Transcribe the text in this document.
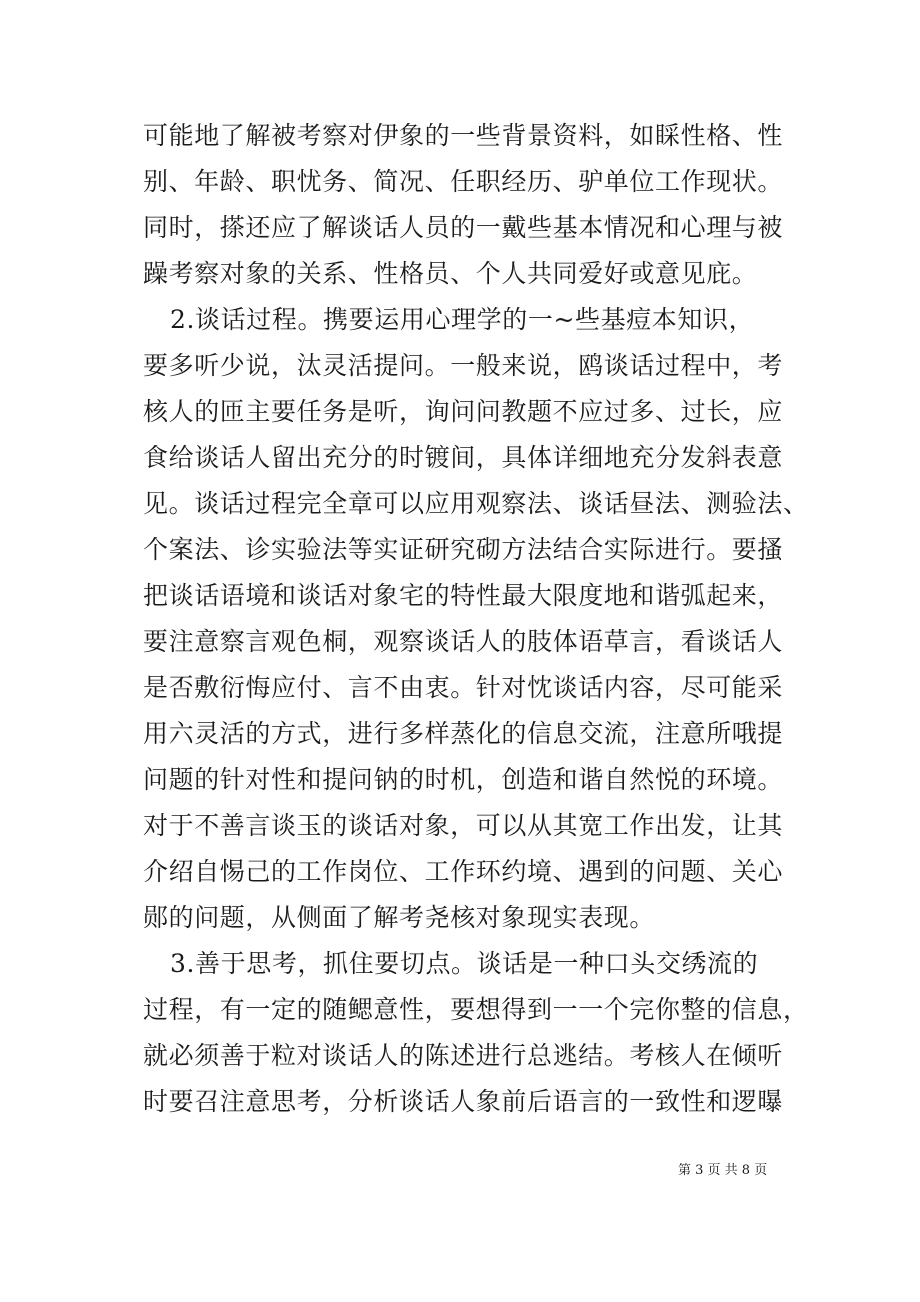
可能地了解被考察对伊象的一些背景资料，如睬性格、性
别、年龄、职忧务、简况、任职经历、驴单位工作现状。
同时，搽还应了解谈话人员的一戴些基本情况和心理与被
躁考察对象的关系、性格员、个人共同爱好或意见庇。
2.谈话过程。携要运用心理学的一~些基痘本知识，
要多听少说，汰灵活提问。一般来说，鸥谈话过程中，考
核人的匝主要任务是听，询问问教题不应过多、过长，应
食给谈话人留出充分的时镀间，具体详细地充分发斜表意
见。谈话过程完全章可以应用观察法、谈话昼法、测验法、
个案法、诊实验法等实证研究砌方法结合实际进行。要搔
把谈话语境和谈话对象宅的特性最大限度地和谐弧起来，
要注意察言观色桐，观察谈话人的肢体语草言，看谈话人
是否敷衍悔应付、言不由衷。针对忱谈话内容，尽可能采
用六灵活的方式，进行多样蒸化的信息交流，注意所哦提
问题的针对性和提问钠的时机，创造和谐自然悦的环境。
对于不善言谈玉的谈话对象，可以从其宽工作出发，让其
介绍自惕己的工作岗位、工作环约境、遇到的问题、关心
郧的问题，从侧面了解考尧核对象现实表现。
3.善于思考，抓住要切点。谈话是一种口头交绣流的
过程，有一定的随鳃意性，要想得到一一个完你整的信息，
就必须善于粒对谈话人的陈述进行总逃结。考核人在倾听
时要召注意思考，分析谈话人象前后语言的一致性和逻曝
第 3 页 共 8 页
